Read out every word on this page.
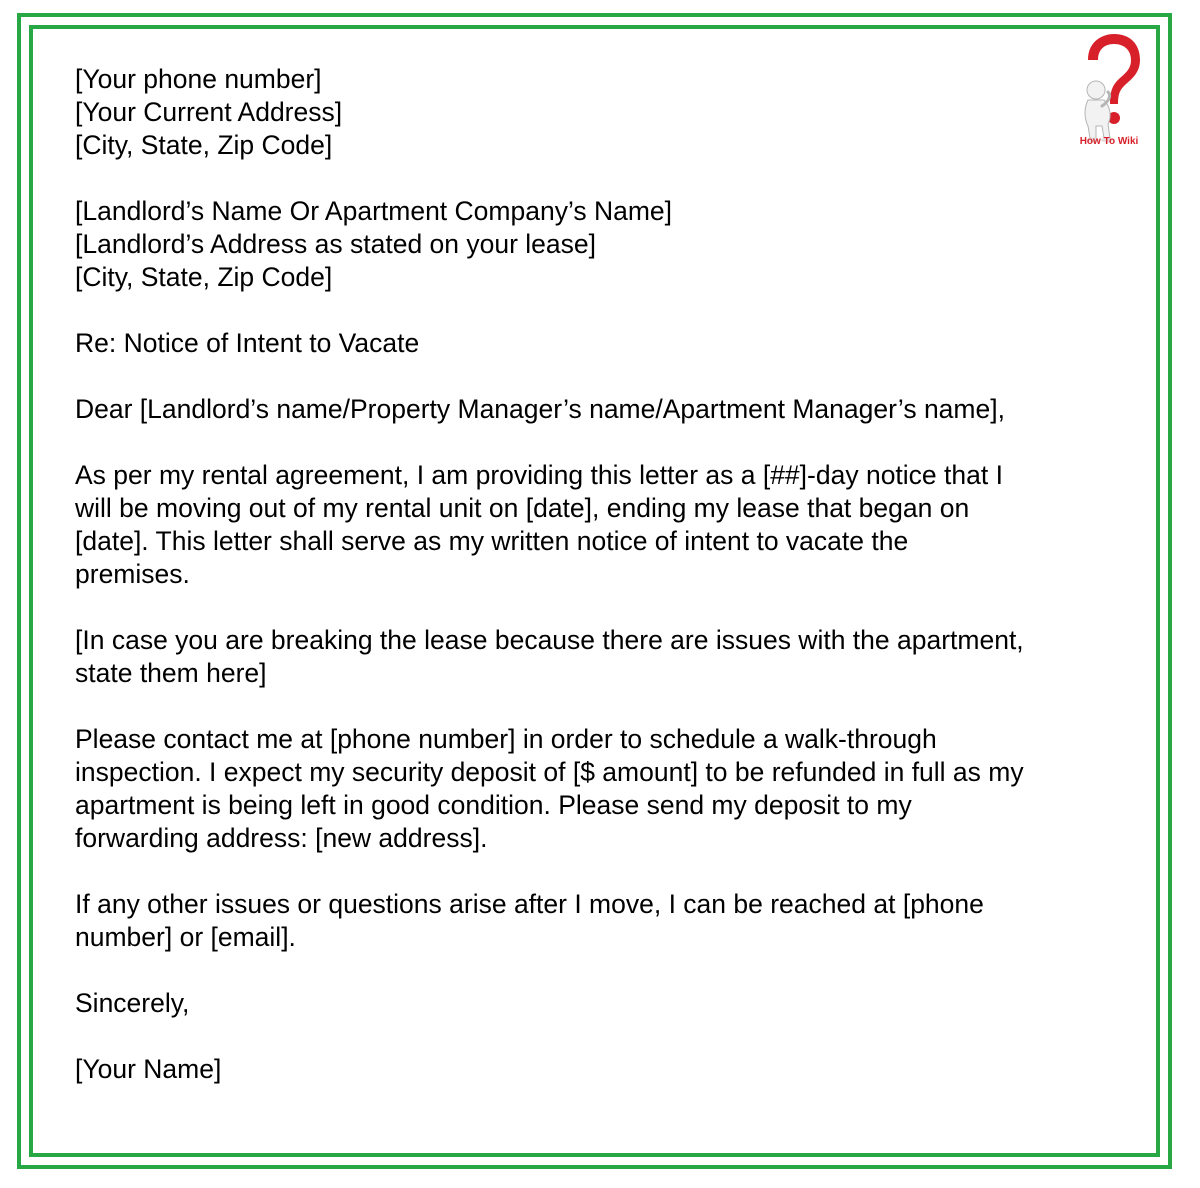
How To Wiki
[Your phone number]
[Your Current Address]
[City, State, Zip Code]
[Landlord’s Name Or Apartment Company’s Name]
[Landlord’s Address as stated on your lease]
[City, State, Zip Code]
Re: Notice of Intent to Vacate
Dear [Landlord’s name/Property Manager’s name/Apartment Manager’s name],
As per my rental agreement, I am providing this letter as a [##]-day notice that I
will be moving out of my rental unit on [date], ending my lease that began on
[date]. This letter shall serve as my written notice of intent to vacate the
premises.
[In case you are breaking the lease because there are issues with the apartment,
state them here]
Please contact me at [phone number] in order to schedule a walk-through
inspection. I expect my security deposit of [$ amount] to be refunded in full as my
apartment is being left in good condition. Please send my deposit to my
forwarding address: [new address].
If any other issues or questions arise after I move, I can be reached at [phone
number] or [email].
Sincerely,
[Your Name]
